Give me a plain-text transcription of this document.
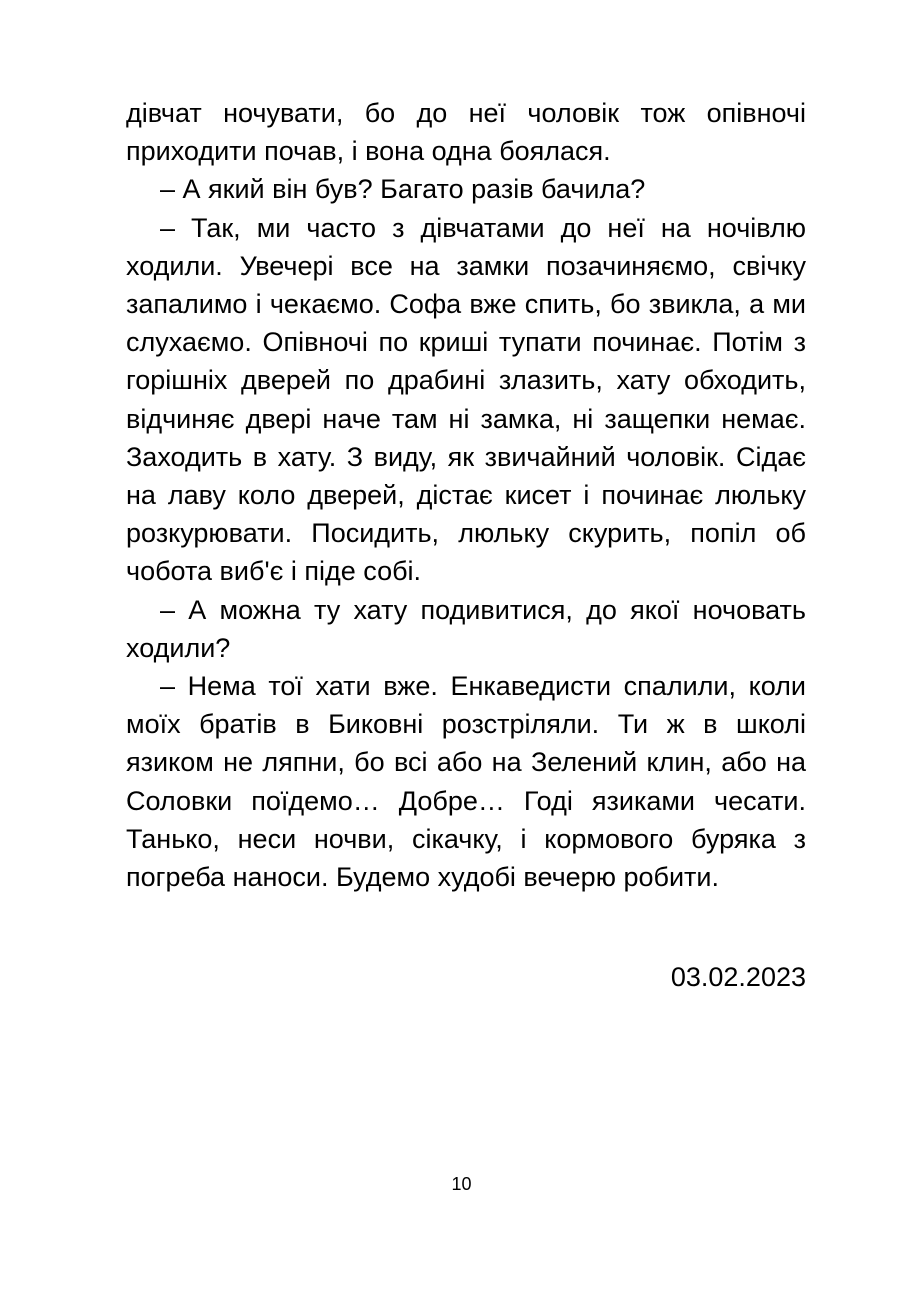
дівчат ночувати, бо до неї чоловік тож опівночі приходити почав, і вона одна боялася.

– А який він був? Багато разів бачила?

– Так, ми часто з дівчатами до неї на ночівлю ходили. Увечері все на замки позачиняємо, свічку запалимо і чекаємо. Софа вже спить, бо звикла, а ми слухаємо. Опівночі по криші тупати починає. Потім з горішніх дверей по драбині злазить, хату обходить, відчиняє двері наче там ні замка, ні защепки немає. Заходить в хату. З виду, як звичайний чоловік. Сідає на лаву коло дверей, дістає кисет і починає люльку розкурювати. Посидить, люльку скурить, попіл об чобота виб'є і піде собі.

– А можна ту хату подивитися, до якої ночовать ходили?

– Нема тої хати вже. Енкаведисти спалили, коли моїх братів в Биковні розстріляли. Ти ж в школі язиком не ляпни, бо всі або на Зелений клин, або на Соловки поїдемо… Добре… Годі язиками чесати. Танько, неси ночви, сікачку, і кормового буряка з погреба наноси. Будемо худобі вечерю робити.

03.02.2023
10
